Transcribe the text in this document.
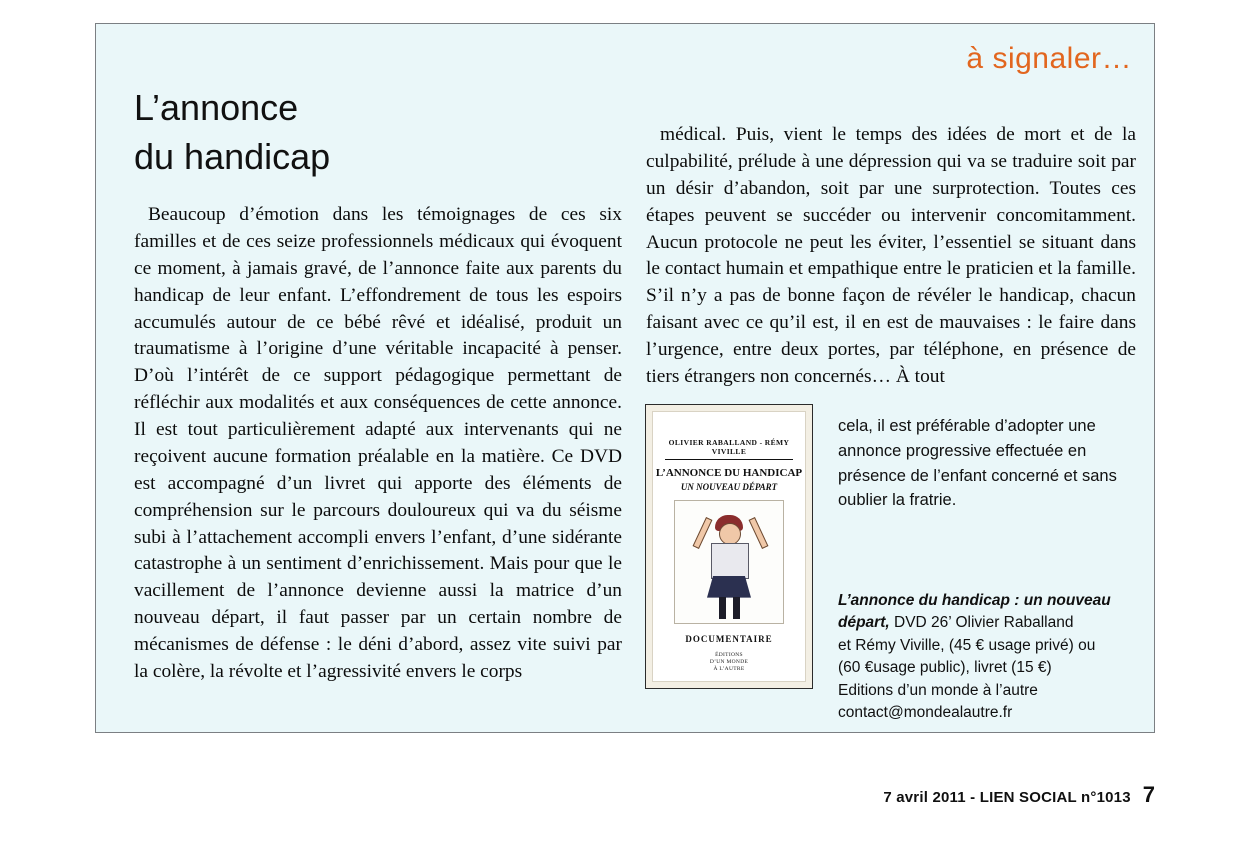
à signaler…
L’annonce
du handicap

Beaucoup d’émotion dans les témoignages de ces six familles et de ces seize professionnels médicaux qui évoquent ce moment, à jamais gravé, de l’annonce faite aux parents du handicap de leur enfant. L’effondrement de tous les espoirs accumulés autour de ce bébé rêvé et idéalisé, produit un traumatisme à l’origine d’une véritable incapacité à penser. D’où l’intérêt de ce support pédagogique permettant de réfléchir aux modalités et aux conséquences de cette annonce. Il est tout particulièrement adapté aux intervenants qui ne reçoivent aucune formation préalable en la matière. Ce DVD est accompagné d’un livret qui apporte des éléments de compréhension sur le parcours douloureux qui va du séisme subi à l’attachement accompli envers l’enfant, d’une sidérante catastrophe à un sentiment d’enrichissement. Mais pour que le vacillement de l’annonce devienne aussi la matrice d’un nouveau départ, il faut passer par un certain nombre de mécanismes de défense : le déni d’abord, assez vite suivi par la colère, la révolte et l’agressivité envers le corps

médical. Puis, vient le temps des idées de mort et de la culpabilité, prélude à une dépression qui va se traduire soit par un désir d’abandon, soit par une surprotection. Toutes ces étapes peuvent se succéder ou intervenir concomitamment. Aucun protocole ne peut les éviter, l’essentiel se situant dans le contact humain et empathique entre le praticien et la famille. S’il n’y a pas de bonne façon de révéler le handicap, chacun faisant avec ce qu’il est, il en est de mauvaises : le faire dans l’urgence, entre deux portes, par téléphone, en présence de tiers étrangers non concernés… À tout

OLIVIER RABALLAND - RÉMY VIVILLE
L’ANNONCE DU HANDICAP
UN NOUVEAU DÉPART
DOCUMENTAIRE
ÉDITIONS
D’UN MONDE
À L’AUTRE
cela, il est préférable d’adopter une annonce progressive effectuée en présence de l’enfant concerné et sans oublier la fratrie.
L’annonce du handicap : un nouveau départ, DVD 26’ Olivier Raballand
et Rémy Viville, (45 € usage privé) ou
(60 €usage public), livret (15 €)
Editions d’un monde à l’autre
contact@mondealautre.fr
7 avril 2011 - LIEN SOCIAL n°1013 7
